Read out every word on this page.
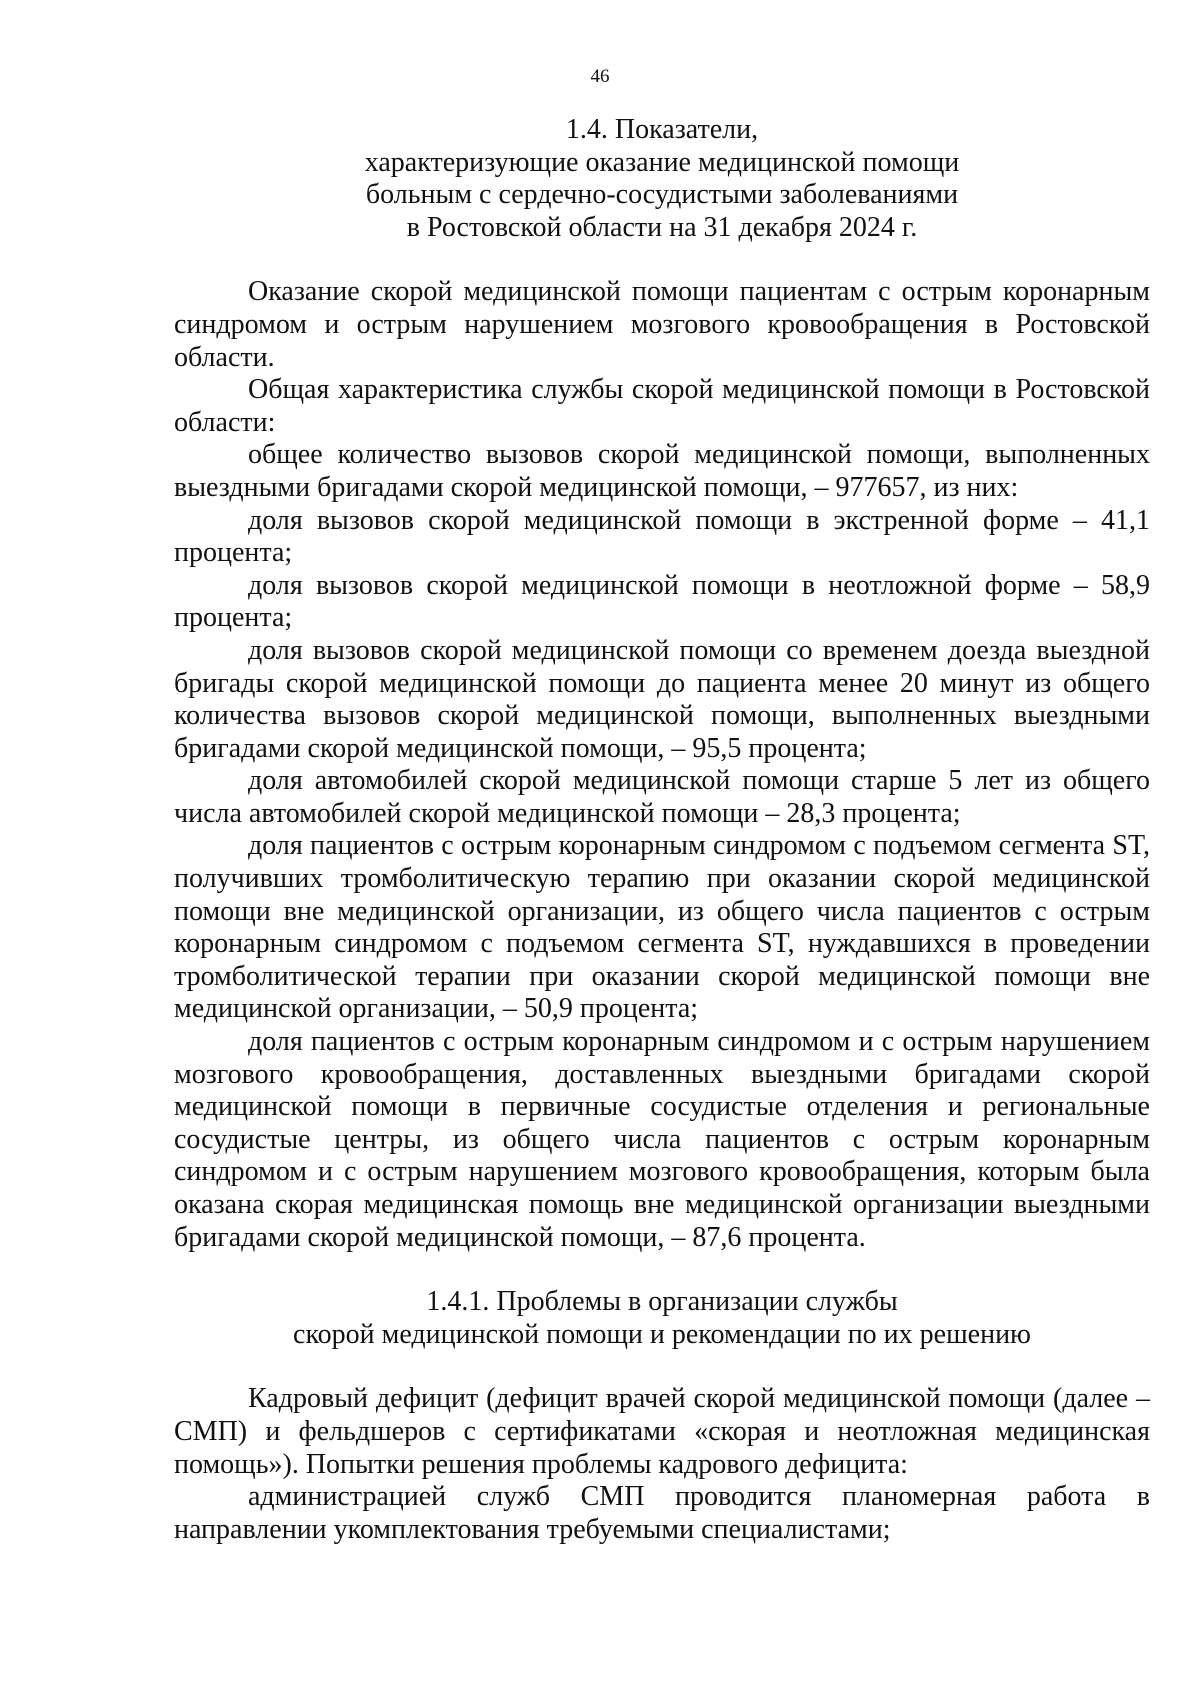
46
1.4. Показатели,
характеризующие оказание медицинской помощи
больным с сердечно-сосудистыми заболеваниями
в Ростовской области на 31 декабря 2024 г.

Оказание скорой медицинской помощи пациентам с острым коронарным синдромом и острым нарушением мозгового кровообращения в Ростовской области.

Общая характеристика службы скорой медицинской помощи в Ростовской области:

общее количество вызовов скорой медицинской помощи, выполненных выездными бригадами скорой медицинской помощи, – 977657, из них:

доля вызовов скорой медицинской помощи в экстренной форме – 41,1 процента;

доля вызовов скорой медицинской помощи в неотложной форме – 58,9 процента;

доля вызовов скорой медицинской помощи со временем доезда выездной бригады скорой медицинской помощи до пациента менее 20 минут из общего количества вызовов скорой медицинской помощи, выполненных выездными бригадами скорой медицинской помощи, – 95,5 процента;

доля автомобилей скорой медицинской помощи старше 5 лет из общего числа автомобилей скорой медицинской помощи – 28,3 процента;

доля пациентов с острым коронарным синдромом с подъемом сегмента ST, получивших тромболитическую терапию при оказании скорой медицинской помощи вне медицинской организации, из общего числа пациентов с острым коронарным синдромом с подъемом сегмента ST, нуждавшихся в проведении тромболитической терапии при оказании скорой медицинской помощи вне медицинской организации, – 50,9 процента;

доля пациентов с острым коронарным синдромом и с острым нарушением мозгового кровообращения, доставленных выездными бригадами скорой медицинской помощи в первичные сосудистые отделения и региональные сосудистые центры, из общего числа пациентов с острым коронарным синдромом и с острым нарушением мозгового кровообращения, которым была оказана скорая медицинская помощь вне медицинской организации выездными бригадами скорой медицинской помощи, – 87,6 процента.

1.4.1. Проблемы в организации службы
скорой медицинской помощи и рекомендации по их решению

Кадровый дефицит (дефицит врачей скорой медицинской помощи (далее – СМП) и фельдшеров с сертификатами «скорая и неотложная медицинская помощь»). Попытки решения проблемы кадрового дефицита:

администрацией служб СМП проводится планомерная работа в направлении укомплектования требуемыми специалистами;
